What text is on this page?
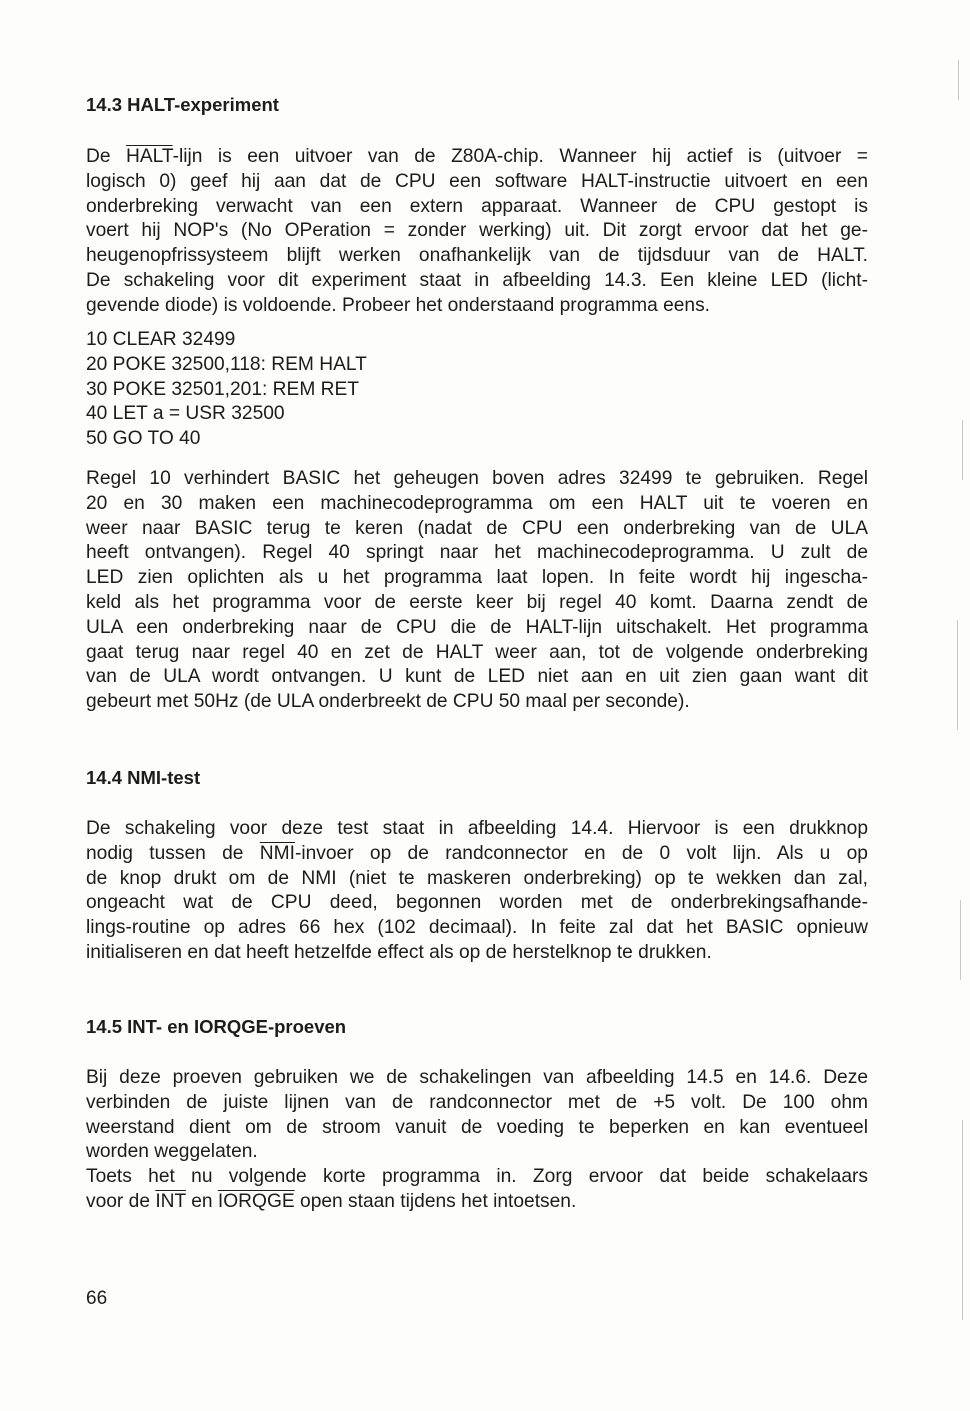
14.3 HALT-experiment
De HALT-lijn is een uitvoer van de Z80A-chip. Wanneer hij actief is (uitvoer =
logisch 0) geef hij aan dat de CPU een software HALT-instructie uitvoert en een
onderbreking verwacht van een extern apparaat. Wanneer de CPU gestopt is
voert hij NOP's (No OPeration = zonder werking) uit. Dit zorgt ervoor dat het ge-
heugenopfrissysteem blijft werken onafhankelijk van de tijdsduur van de HALT.
De schakeling voor dit experiment staat in afbeelding 14.3. Een kleine LED (licht-
gevende diode) is voldoende. Probeer het onderstaand programma eens.
10 CLEAR 32499
20 POKE 32500,118: REM HALT
30 POKE 32501,201: REM RET
40 LET a = USR 32500
50 GO TO 40
Regel 10 verhindert BASIC het geheugen boven adres 32499 te gebruiken. Regel
20 en 30 maken een machinecodeprogramma om een HALT uit te voeren en
weer naar BASIC terug te keren (nadat de CPU een onderbreking van de ULA
heeft ontvangen). Regel 40 springt naar het machinecodeprogramma. U zult de
LED zien oplichten als u het programma laat lopen. In feite wordt hij ingescha-
keld als het programma voor de eerste keer bij regel 40 komt. Daarna zendt de
ULA een onderbreking naar de CPU die de HALT-lijn uitschakelt. Het programma
gaat terug naar regel 40 en zet de HALT weer aan, tot de volgende onderbreking
van de ULA wordt ontvangen. U kunt de LED niet aan en uit zien gaan want dit
gebeurt met 50Hz (de ULA onderbreekt de CPU 50 maal per seconde).
14.4 NMI-test
De schakeling voor deze test staat in afbeelding 14.4. Hiervoor is een drukknop
nodig tussen de $\overline{NMI}$-invoer op de randconnector en de 0 volt lijn. Als u op
de knop drukt om de NMI (niet te maskeren onderbreking) op te wekken dan zal,
ongeacht wat de CPU deed, begonnen worden met de onderbrekingsafhande-
lings-routine op adres 66 hex (102 decimaal). In feite zal dat het BASIC opnieuw
initialiseren en dat heeft hetzelfde effect als op de herstelknop te drukken.
14.5 INT- en IORQGE-proeven
Bij deze proeven gebruiken we de schakelingen van afbeelding 14.5 en 14.6. Deze
verbinden de juiste lijnen van de randconnector met de +5 volt. De 100 ohm
weerstand dient om de stroom vanuit de voeding te beperken en kan eventueel
worden weggelaten.
Toets het nu volgende korte programma in. Zorg ervoor dat beide schakelaars
voor de $\overline{INT}$ en IORQGE open staan tijdens het intoetsen.

66
